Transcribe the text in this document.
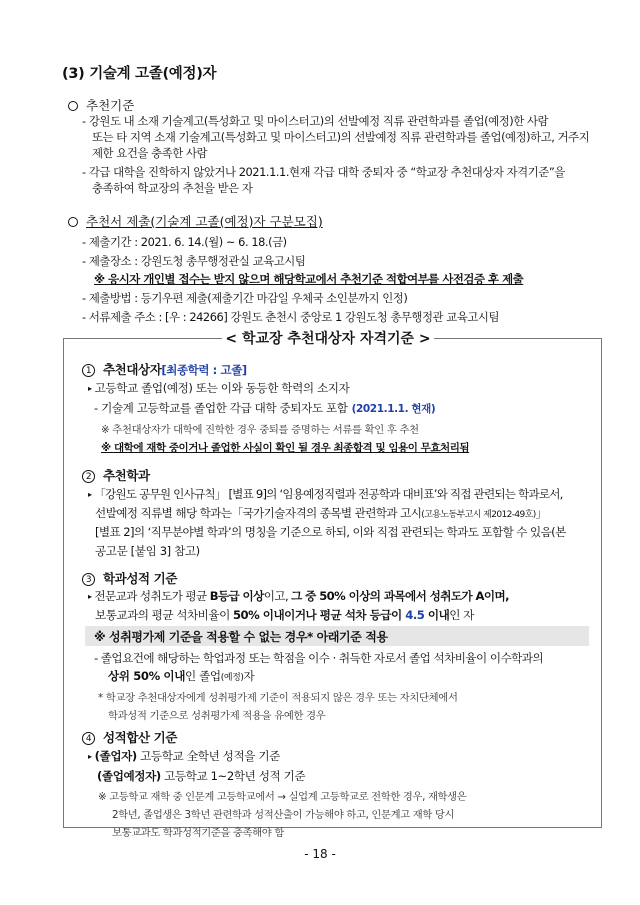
(3) 기술계 고졸(예정)자
추천기준
- 강원도 내 소재 기술계고(특성화고 및 마이스터고)의 선발예정 직류 관련학과를 졸업(예정)한 사람
또는 타 지역 소재 기술계고(특성화고 및 마이스터고)의 선발예정 직류 관련학과를 졸업(예정)하고, 거주지
제한 요건을 충족한 사람
- 각급 대학을 진학하지 않았거나 2021.1.1.현재 각급 대학 중퇴자 중 “학교장 추천대상자 자격기준”을
충족하여 학교장의 추천을 받은 자
추천서 제출(기술계 고졸(예정)자 구분모집)
- 제출기간 : 2021. 6. 14.(월) ~ 6. 18.(금)
- 제출장소 : 강원도청 총무행정관실 교육고시팀
※ 응시자 개인별 접수는 받지 않으며 해당학교에서 추천기준 적합여부를 사전검증 후 제출
- 제출방법 : 등기우편 제출(제출기간 마감일 우체국 소인분까지 인정)
- 서류제출 주소 : [우 : 24266] 강원도 춘천시 중앙로 1 강원도청 총무행정관 교육고시팀
< 학교장 추천대상자 자격기준 >
1 추천대상자[최종학력 : 고졸]
▸ 고등학교 졸업(예정) 또는 이와 동등한 학력의 소지자
- 기술계 고등학교를 졸업한 각급 대학 중퇴자도 포함 (2021.1.1. 현재)
※ 추천대상자가 대학에 진학한 경우 중퇴를 증명하는 서류를 확인 후 추천
※ 대학에 재학 중이거나 졸업한 사실이 확인 될 경우 최종합격 및 임용이 무효처리됨
2 추천학과
▸ 「강원도 공무원 인사규칙」 [별표 9]의 ‘임용예정직렬과 전공학과 대비표’와 직접 관련되는 학과로서,
선발예정 직류별 해당 학과는「국가기술자격의 종목별 관련학과 고시(고용노동부고시 제2012-49호)」
[별표 2]의 ‘직무분야별 학과’의 명칭을 기준으로 하되, 이와 직접 관련되는 학과도 포함할 수 있음(본
공고문 [붙임 3] 참고)
3 학과성적 기준
▸ 전문교과 성취도가 평균 B등급 이상이고, 그 중 50% 이상의 과목에서 성취도가 A이며,
보통교과의 평균 석차비율이 50% 이내이거나 평균 석차 등급이 4.5 이내인 자
※ 성취평가제 기준을 적용할 수 없는 경우* 아래기준 적용
- 졸업요건에 해당하는 학업과정 또는 학점을 이수 · 취득한 자로서 졸업 석차비율이 이수학과의
상위 50% 이내인 졸업(예정)자
* 학교장 추천대상자에게 성취평가제 기준이 적용되지 않은 경우 또는 자치단체에서
학과성적 기준으로 성취평가제 적용을 유예한 경우
4 성적합산 기준
▸ (졸업자) 고등학교 全학년 성적을 기준
(졸업예정자) 고등학교 1~2학년 성적 기준
※ 고등학교 재학 중 인문계 고등학교에서 → 실업계 고등학교로 전학한 경우, 재학생은
2학년, 졸업생은 3학년 관련학과 성적산출이 가능해야 하고, 인문계고 재학 당시
보통교과도 학과성적기준을 충족해야 함
- 18 -
